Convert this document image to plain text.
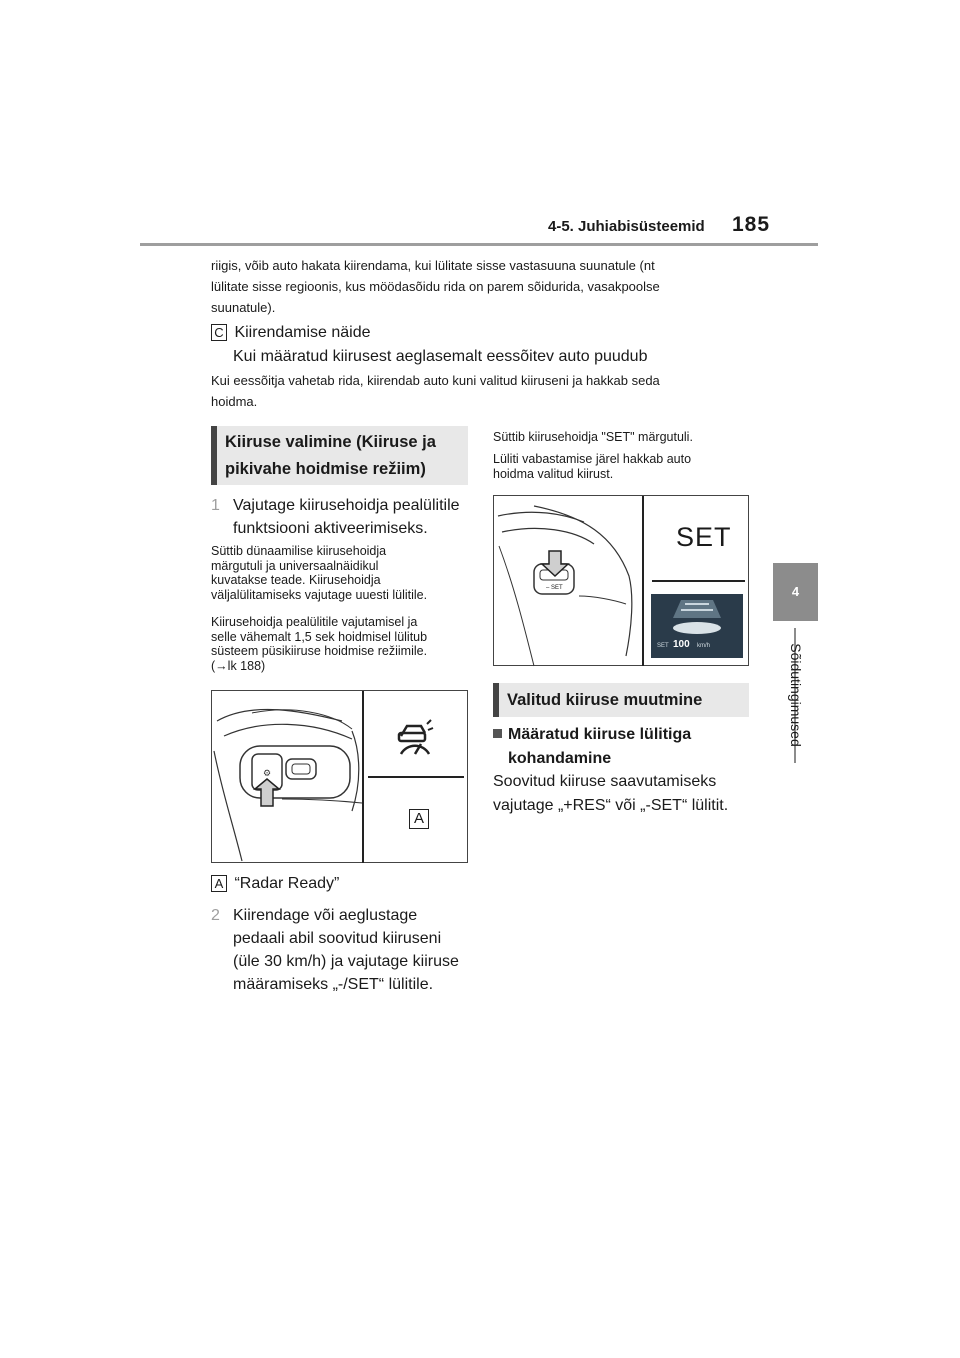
4-5. Juhiabisüsteemid 185
4
Sõidutingimused
riigis, võib auto hakata kiirendama, kui lülitate sisse vastasuuna suunatule (nt
lülitate sisse regioonis, kus möödasõidu rida on parem sõidurida, vasakpoolse
suunatule).
C Kiirendamise näide
Kui määratud kiirusest aeglasemalt eessõitev auto puudub
Kui eessõitja vahetab rida, kiirendab auto kuni valitud kiiruseni ja hakkab seda
hoidma.
Kiiruse valimine (Kiiruse ja
pikivahe hoidmise režiim)
1 Vajutage kiirusehoidja pealülitile
funktsiooni aktiveerimiseks.
Süttib dünaamilise kiirusehoidja
märgutuli ja universaalnäidikul
kuvatakse teade. Kiirusehoidja
väljalülitamiseks vajutage uuesti lülitile.
Kiirusehoidja pealülitile vajutamisel ja
selle vähemalt 1,5 sek hoidmisel lülitub
süsteem püsikiiruse hoidmise režiimile.
(→lk 188)
⚙
A
A “Radar Ready”
2 Kiirendage või aeglustage
pedaali abil soovitud kiiruseni
(üle 30 km/h) ja vajutage kiiruse
määramiseks „-/SET“ lülitile.
Süttib kiirusehoidja "SET" märgutuli.
Lüliti vabastamise järel hakkab auto
hoidma valitud kiirust.
– SET
SET
SET 100 km/h
Valitud kiiruse muutmine
Määratud kiiruse lülitiga
kohandamine
Soovitud kiiruse saavutamiseks
vajutage „+RES“ või „-SET“ lülitit.
